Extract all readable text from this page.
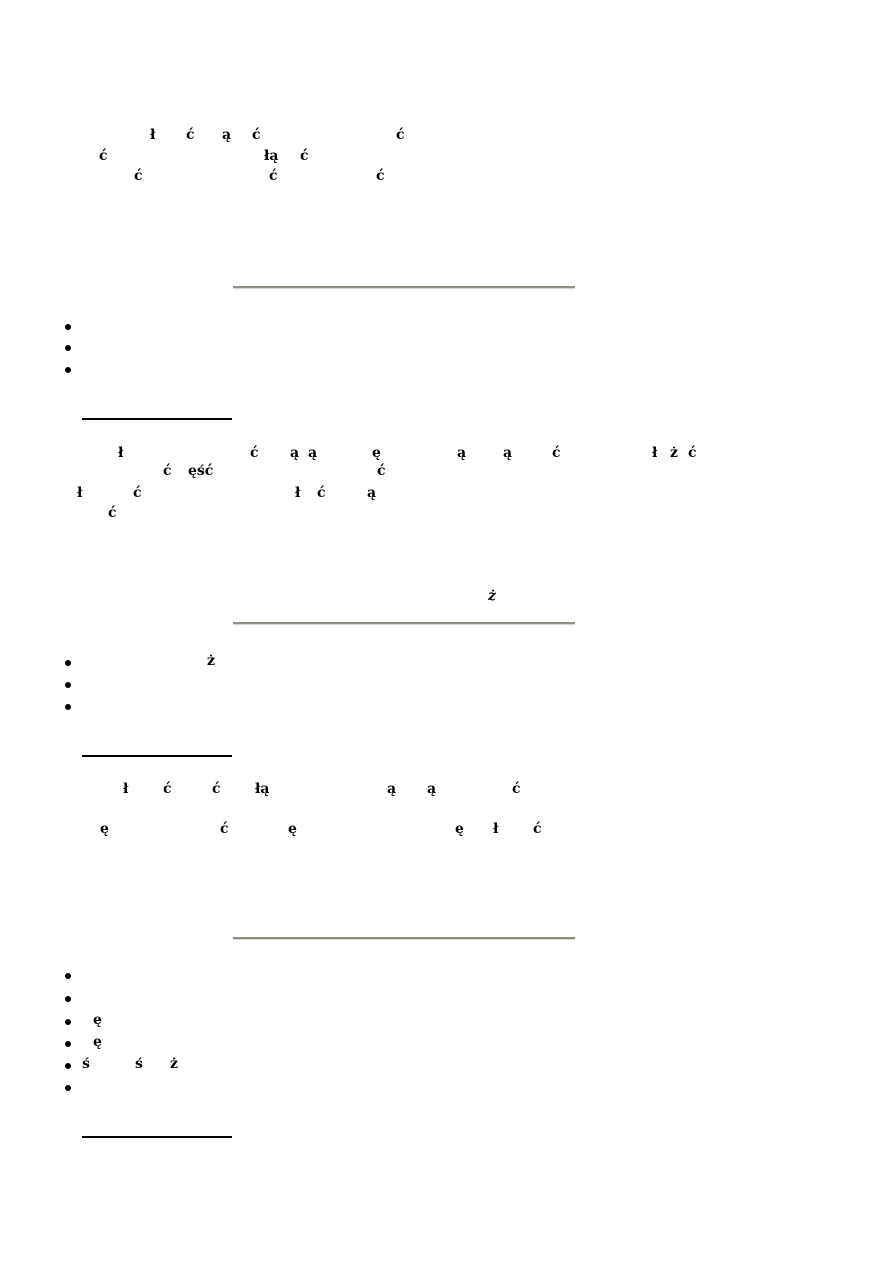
ł ć ą ć	ć
ć	łą ć
ć	ć	ć
ł	ć ą ą	ę	ą	ą	ć	ł ż ć
ć ęść	ć
ł	ć	ł ć	ą
ć
ż
ż
ł ć	ć łą	ą ą	ć
ę	ć	ę	ę ł ć
ę
ę
ś	ś ż
